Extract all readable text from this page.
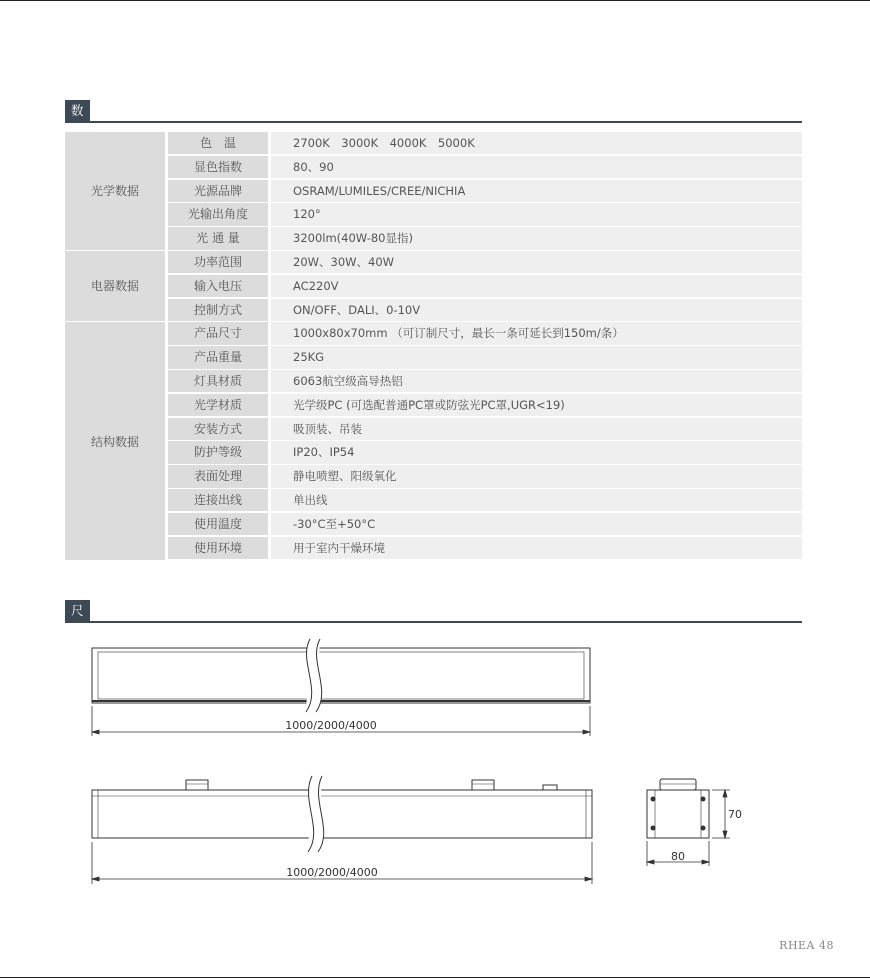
数
光学数据
色　温	2700K　3000K　4000K　5000K
显色指数	80、90
光源品牌	OSRAM/LUMILES/CREE/NICHIA
光输出角度	120°
光 通 量	3200lm(40W-80显指)
电器数据
功率范围	20W、30W、40W
输入电压	AC220V
控制方式	ON/OFF、DALI、0-10V
结构数据
产品尺寸	1000x80x70mm （可订制尺寸，最长一条可延长到150m/条）
产品重量	25KG
灯具材质	6063航空级高导热铝
光学材质	光学级PC (可选配普通PC罩或防弦光PC罩,UGR<19)
安装方式	吸顶装、吊装
防护等级	IP20、IP54
表面处理	静电喷塑、阳级氧化
连接出线	单出线
使用温度	-30°C至+50°C
使用环境	用于室内干燥环境
尺寸
1000/2000/4000
1000/2000/4000
70
80
RHEA 48
